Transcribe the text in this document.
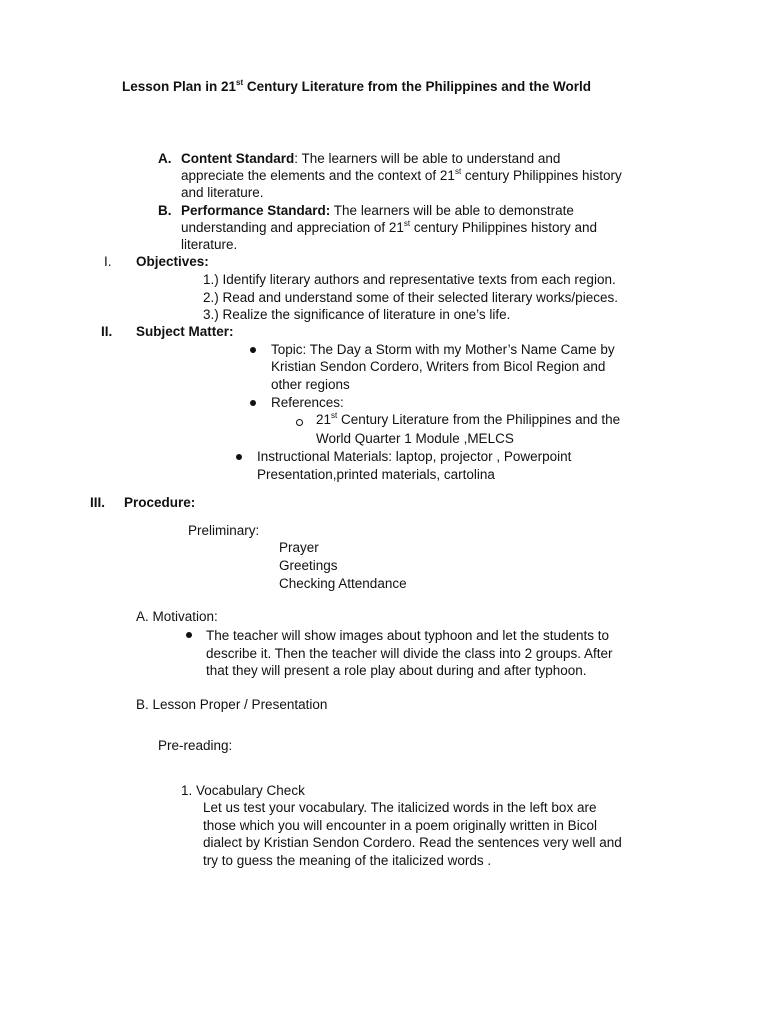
Lesson Plan in 21st Century Literature from the Philippines and the World
A. Content Standard: The learners will be able to understand and
appreciate the elements and the context of 21st century Philippines history
and literature.
B. Performance Standard: The learners will be able to demonstrate
understanding and appreciation of 21st century Philippines history and
literature.
I. Objectives:
1.) Identify literary authors and representative texts from each region.
2.) Read and understand some of their selected literary works/pieces.
3.) Realize the significance of literature in one’s life.
II. Subject Matter:
Topic: The Day a Storm with my Mother’s Name Came by
Kristian Sendon Cordero, Writers from Bicol Region and
other regions
References:
21st Century Literature from the Philippines and the
World Quarter 1 Module ,MELCS
Instructional Materials: laptop, projector , Powerpoint
Presentation,printed materials, cartolina
III. Procedure:
Preliminary:
Prayer
Greetings
Checking Attendance
A. Motivation:
The teacher will show images about typhoon and let the students to
describe it. Then the teacher will divide the class into 2 groups. After
that they will present a role play about during and after typhoon.
B. Lesson Proper / Presentation
Pre-reading:
1. Vocabulary Check
Let us test your vocabulary. The italicized words in the left box are
those which you will encounter in a poem originally written in Bicol
dialect by Kristian Sendon Cordero. Read the sentences very well and
try to guess the meaning of the italicized words .
